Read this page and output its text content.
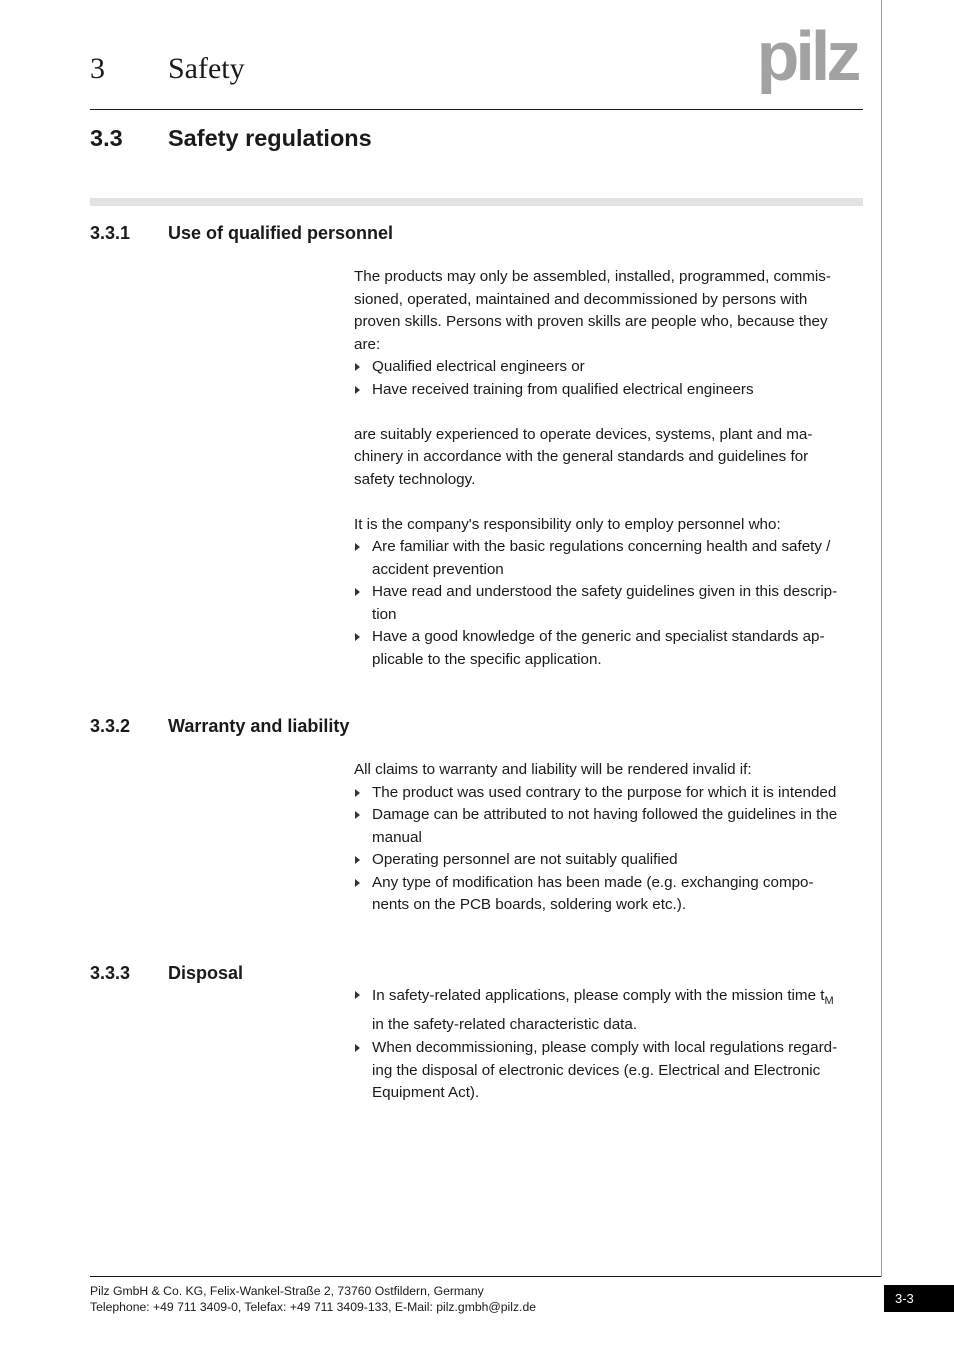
3 Safety	pilz
3.3 Safety regulations
3.3.1 Use of qualified personnel

The products may only be assembled, installed, programmed, commis-
sioned, operated, maintained and decommissioned by persons with
proven skills. Persons with proven skills are people who, because they
are:

Qualified electrical engineers or
Have received training from qualified electrical engineers

are suitably experienced to operate devices, systems, plant and ma-
chinery in accordance with the general standards and guidelines for
safety technology.

It is the company's responsibility only to employ personnel who:

Are familiar with the basic regulations concerning health and safety /
accident prevention
Have read and understood the safety guidelines given in this descrip-
tion
Have a good knowledge of the generic and specialist standards ap-
plicable to the specific application.
3.3.2 Warranty and liability

All claims to warranty and liability will be rendered invalid if:

The product was used contrary to the purpose for which it is intended
Damage can be attributed to not having followed the guidelines in the
manual
Operating personnel are not suitably qualified
Any type of modification has been made (e.g. exchanging compo-
nents on the PCB boards, soldering work etc.).
3.3.3 Disposal
In safety-related applications, please comply with the mission time $t_M$
in the safety-related characteristic data.
When decommissioning, please comply with local regulations regard-
ing the disposal of electronic devices (e.g. Electrical and Electronic
Equipment Act).
Pilz GmbH & Co. KG, Felix-Wankel-Straße 2, 73760 Ostfildern, Germany
Telephone: +49 711 3409-0, Telefax: +49 711 3409-133, E-Mail: pilz.gmbh@pilz.de
3-3
